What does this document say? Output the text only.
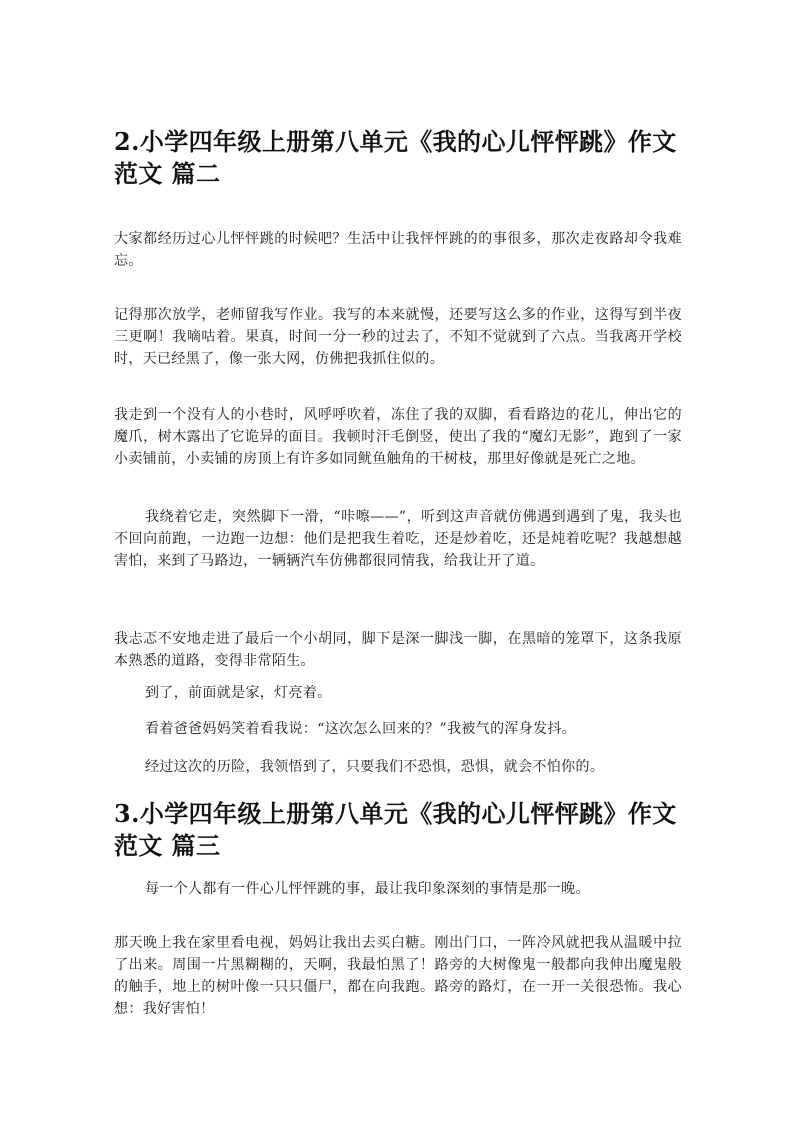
2.小学四年级上册第八单元《我的心儿怦怦跳》作文范文 篇二

大家都经历过心儿怦怦跳的时候吧？生活中让我怦怦跳的的事很多，那次走夜路却令我难忘。

记得那次放学，老师留我写作业。我写的本来就慢，还要写这么多的作业，这得写到半夜三更啊！我嘀咕着。果真，时间一分一秒的过去了，不知不觉就到了六点。当我离开学校时，天已经黑了，像一张大网，仿佛把我抓住似的。

我走到一个没有人的小巷时，风呼呼吹着，冻住了我的双脚，看看路边的花儿，伸出它的魔爪，树木露出了它诡异的面目。我顿时汗毛倒竖，使出了我的“魔幻无影”，跑到了一家小卖铺前，小卖铺的房顶上有许多如同鱿鱼触角的干树枝，那里好像就是死亡之地。

我绕着它走，突然脚下一滑，“咔嚓——”，听到这声音就仿佛遇到遇到了鬼，我头也不回向前跑，一边跑一边想：他们是把我生着吃，还是炒着吃，还是炖着吃呢？我越想越害怕，来到了马路边，一辆辆汽车仿佛都很同情我，给我让开了道。

我忐忑不安地走进了最后一个小胡同，脚下是深一脚浅一脚，在黑暗的笼罩下，这条我原本熟悉的道路，变得非常陌生。

到了，前面就是家，灯亮着。

看着爸爸妈妈笑着看我说：“这次怎么回来的？”我被气的浑身发抖。

经过这次的历险，我领悟到了，只要我们不恐惧，恐惧，就会不怕你的。

3.小学四年级上册第八单元《我的心儿怦怦跳》作文范文 篇三

每一个人都有一件心儿怦怦跳的事，最让我印象深刻的事情是那一晚。

那天晚上我在家里看电视，妈妈让我出去买白糖。刚出门口，一阵冷风就把我从温暖中拉了出来。周围一片黑糊糊的，天啊，我最怕黑了！路旁的大树像鬼一般都向我伸出魔鬼般的触手，地上的树叶像一只只僵尸，都在向我跑。路旁的路灯，在一开一关很恐怖。我心想：我好害怕！
